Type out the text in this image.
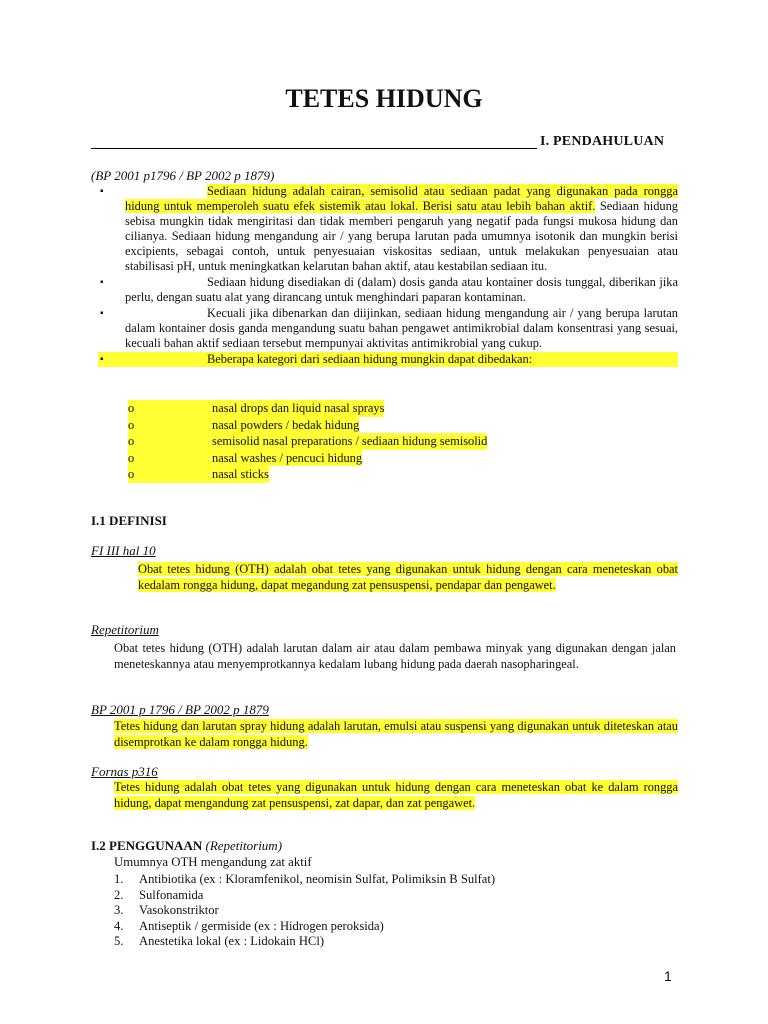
TETES HIDUNG
I. PENDAHULUAN
(BP 2001 p1796 / BP 2002 p 1879)
▪	Sediaan hidung adalah cairan, semisolid atau sediaan padat yang digunakan pada rongga hidung untuk memperoleh suatu efek sistemik atau lokal. Berisi satu atau lebih bahan aktif. Sediaan hidung sebisa mungkin tidak mengiritasi dan tidak memberi pengaruh yang negatif pada fungsi mukosa hidung dan cilianya. Sediaan hidung mengandung air / yang berupa larutan pada umumnya isotonik dan mungkin berisi excipients, sebagai contoh, untuk penyesuaian viskositas sediaan, untuk melakukan penyesuaian atau stabilisasi pH, untuk meningkatkan kelarutan bahan aktif, atau kestabilan sediaan itu.
▪	Sediaan hidung disediakan di (dalam) dosis ganda atau kontainer dosis tunggal, diberikan jika perlu, dengan suatu alat yang dirancang untuk menghindari paparan kontaminan.
▪	Kecuali jika dibenarkan dan diijinkan, sediaan hidung mengandung air / yang berupa larutan dalam kontainer dosis ganda mengandung suatu bahan pengawet antimikrobial dalam konsentrasi yang sesuai, kecuali bahan aktif sediaan tersebut mempunyai aktivitas antimikrobial yang cukup.
▪	Beberapa kategori dari sediaan hidung mungkin dapat dibedakan:
o	nasal drops dan liquid nasal sprays
o	nasal powders / bedak hidung
o	semisolid nasal preparations / sediaan hidung semisolid
o	nasal washes / pencuci hidung
o	nasal sticks
I.1 DEFINISI
FI III hal 10
Obat tetes hidung (OTH) adalah obat tetes yang digunakan untuk hidung dengan cara meneteskan obat kedalam rongga hidung, dapat megandung zat pensuspensi, pendapar dan pengawet.
Repetitorium
Obat tetes hidung (OTH) adalah larutan dalam air atau dalam pembawa minyak yang digunakan dengan jalan meneteskannya atau menyemprotkannya kedalam lubang hidung pada daerah nasopharingeal.
BP 2001 p 1796 / BP 2002 p 1879
Tetes hidung dan larutan spray hidung adalah larutan, emulsi atau suspensi yang digunakan untuk diteteskan atau disemprotkan ke dalam rongga hidung.
Fornas p316
Tetes hidung adalah obat tetes yang digunakan untuk hidung dengan cara meneteskan obat ke dalam rongga hidung, dapat mengandung zat pensuspensi, zat dapar, dan zat pengawet.
I.2 PENGGUNAAN (Repetitorium)
Umumnya OTH mengandung zat aktif
1.	Antibiotika (ex : Kloramfenikol, neomisin Sulfat, Polimiksin B Sulfat)
2.	Sulfonamida
3.	Vasokonstriktor
4.	Antiseptik / germiside (ex : Hidrogen peroksida)
5.	Anestetika lokal (ex : Lidokain HCl)
1
